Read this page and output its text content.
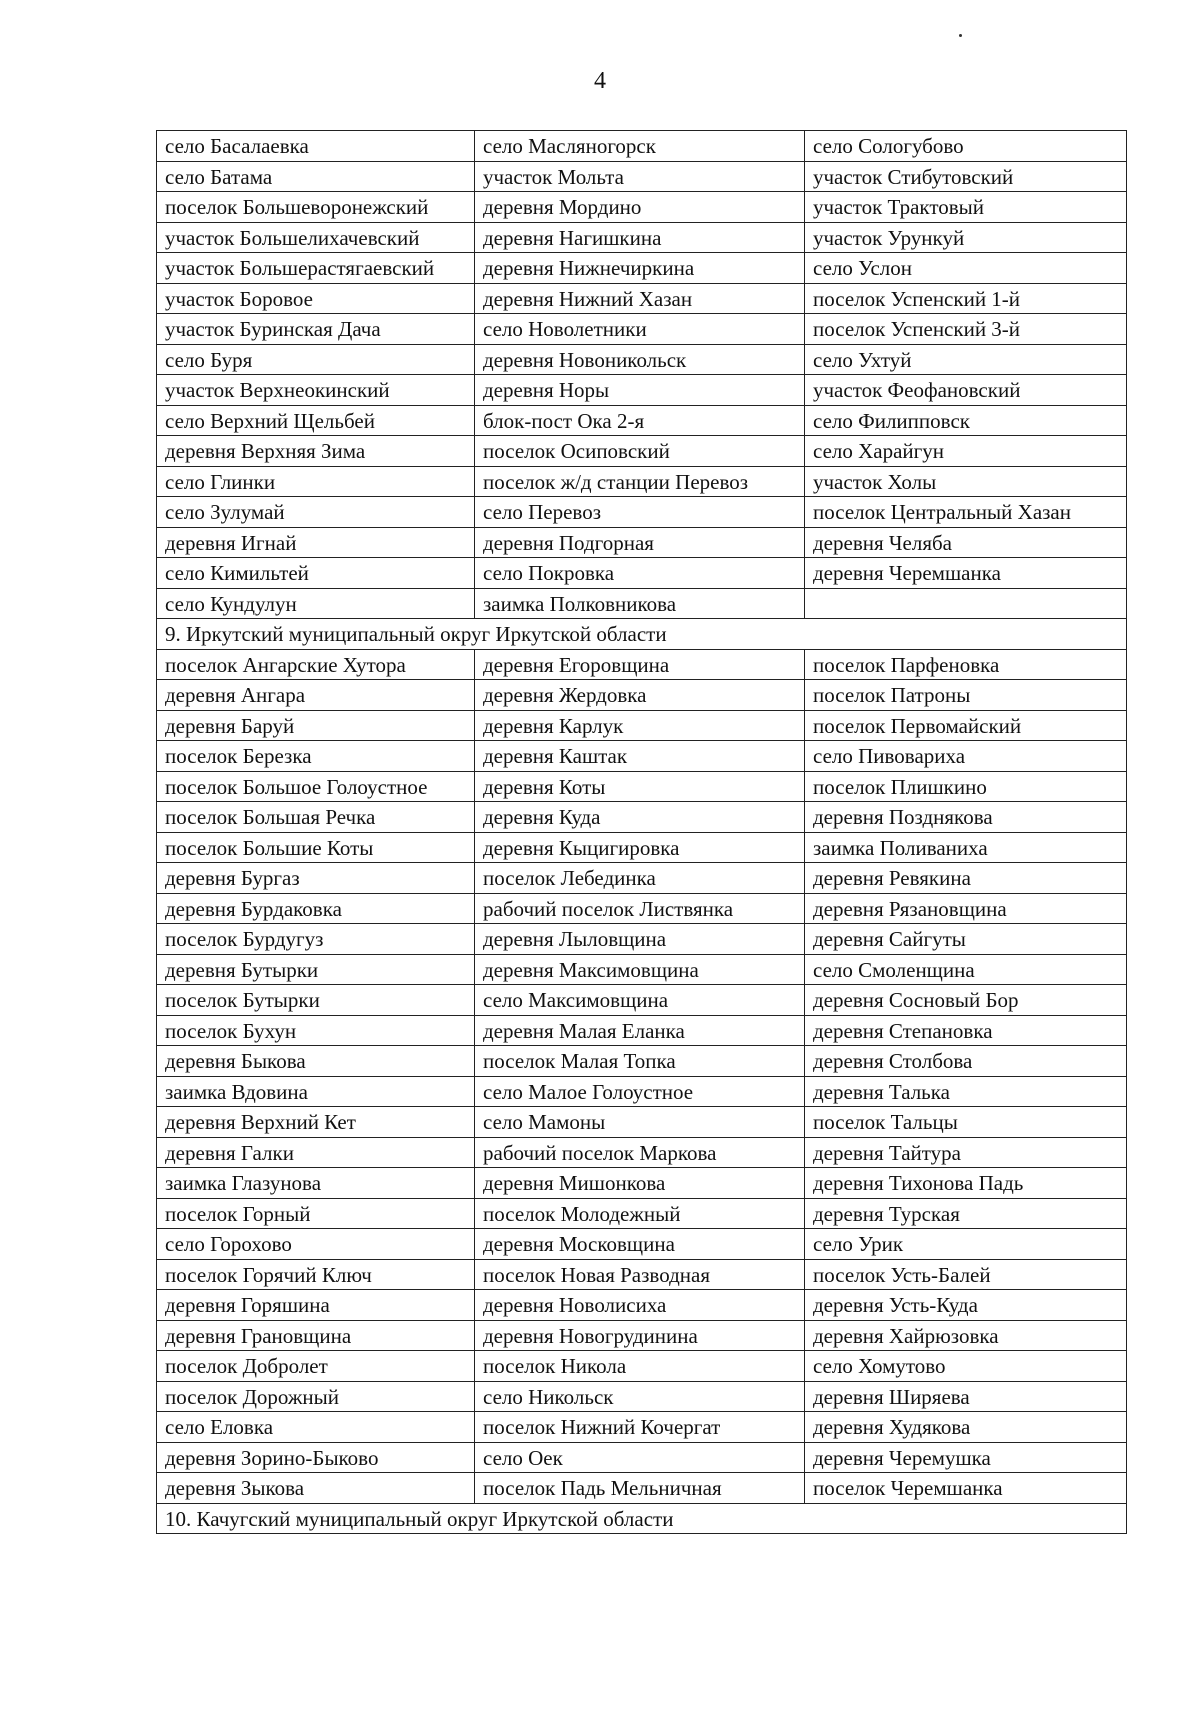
4
село Басалаевка	село Масляногорск	село Сологубово
село Батама	участок Мольта	участок Стибутовский
поселок Большеворонежский	деревня Мордино	участок Трактовый
участок Большелихачевский	деревня Нагишкина	участок Урункуй
участок Большерастягаевский	деревня Нижнечиркина	село Услон
участок Боровое	деревня Нижний Хазан	поселок Успенский 1-й
участок Буринская Дача	село Новолетники	поселок Успенский 3-й
село Буря	деревня Новоникольск	село Ухтуй
участок Верхнеокинский	деревня Норы	участок Феофановский
село Верхний Щельбей	блок-пост Ока 2-я	село Филипповск
деревня Верхняя Зима	поселок Осиповский	село Харайгун
село Глинки	поселок ж/д станции Перевоз	участок Холы
село Зулумай	село Перевоз	поселок Центральный Хазан
деревня Игнай	деревня Подгорная	деревня Челяба
село Кимильтей	село Покровка	деревня Черемшанка
село Кундулун	заимка Полковникова	
9. Иркутский муниципальный округ Иркутской области		
поселок Ангарские Хутора	деревня Егоровщина	поселок Парфеновка
деревня Ангара	деревня Жердовка	поселок Патроны
деревня Баруй	деревня Карлук	поселок Первомайский
поселок Березка	деревня Каштак	село Пивовариха
поселок Большое Голоустное	деревня Коты	поселок Плишкино
поселок Большая Речка	деревня Куда	деревня Позднякова
поселок Большие Коты	деревня Кыцигировка	заимка Поливаниха
деревня Бургаз	поселок Лебединка	деревня Ревякина
деревня Бурдаковка	рабочий поселок Листвянка	деревня Рязановщина
поселок Бурдугуз	деревня Лыловщина	деревня Сайгуты
деревня Бутырки	деревня Максимовщина	село Смоленщина
поселок Бутырки	село Максимовщина	деревня Сосновый Бор
поселок Бухун	деревня Малая Еланка	деревня Степановка
деревня Быкова	поселок Малая Топка	деревня Столбова
заимка Вдовина	село Малое Голоустное	деревня Талька
деревня Верхний Кет	село Мамоны	поселок Тальцы
деревня Галки	рабочий поселок Маркова	деревня Тайтура
заимка Глазунова	деревня Мишонкова	деревня Тихонова Падь
поселок Горный	поселок Молодежный	деревня Турская
село Горохово	деревня Московщина	село Урик
поселок Горячий Ключ	поселок Новая Разводная	поселок Усть-Балей
деревня Горяшина	деревня Новолисиха	деревня Усть-Куда
деревня Грановщина	деревня Новогрудинина	деревня Хайрюзовка
поселок Добролет	поселок Никола	село Хомутово
поселок Дорожный	село Никольск	деревня Ширяева
село Еловка	поселок Нижний Кочергат	деревня Худякова
деревня Зорино-Быково	село Оек	деревня Черемушка
деревня Зыкова	поселок Падь Мельничная	поселок Черемшанка
10. Качугский муниципальный округ Иркутской области		
